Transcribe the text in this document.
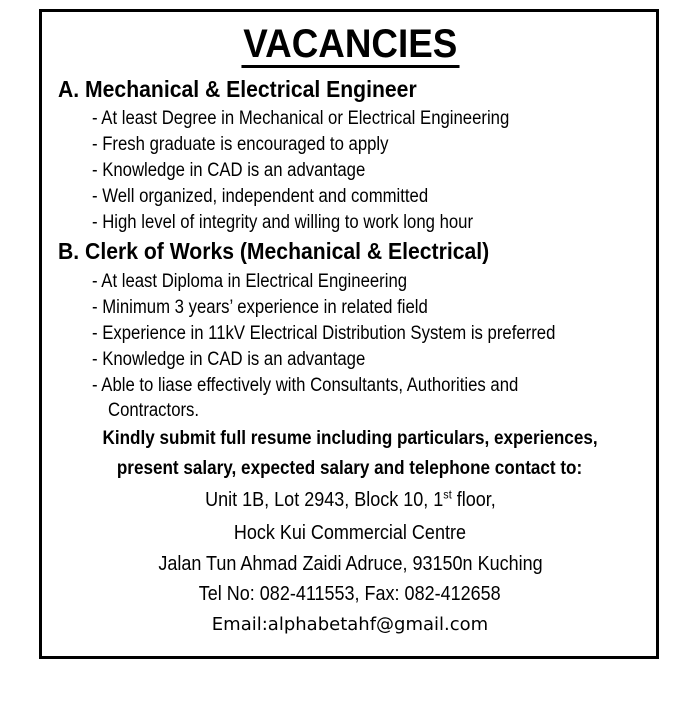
VACANCIES
A. Mechanical & Electrical Engineer
- At least Degree in Mechanical or Electrical Engineering
- Fresh graduate is encouraged to apply
- Knowledge in CAD is an advantage
- Well organized, independent and committed
- High level of integrity and willing to work long hour
B. Clerk of Works (Mechanical & Electrical)
- At least Diploma in Electrical Engineering
- Minimum 3 years’ experience in related field
- Experience in 11kV Electrical Distribution System is preferred
- Knowledge in CAD is an advantage
- Able to liase effectively with Consultants, Authorities and
Contractors.
Kindly submit full resume including particulars, experiences,
present salary, expected salary and telephone contact to:
Unit 1B, Lot 2943, Block 10, 1st floor,
Hock Kui Commercial Centre
Jalan Tun Ahmad Zaidi Adruce, 93150n Kuching
Tel No: 082-411553, Fax: 082-412658
Email:alphabetahf@gmail.com
